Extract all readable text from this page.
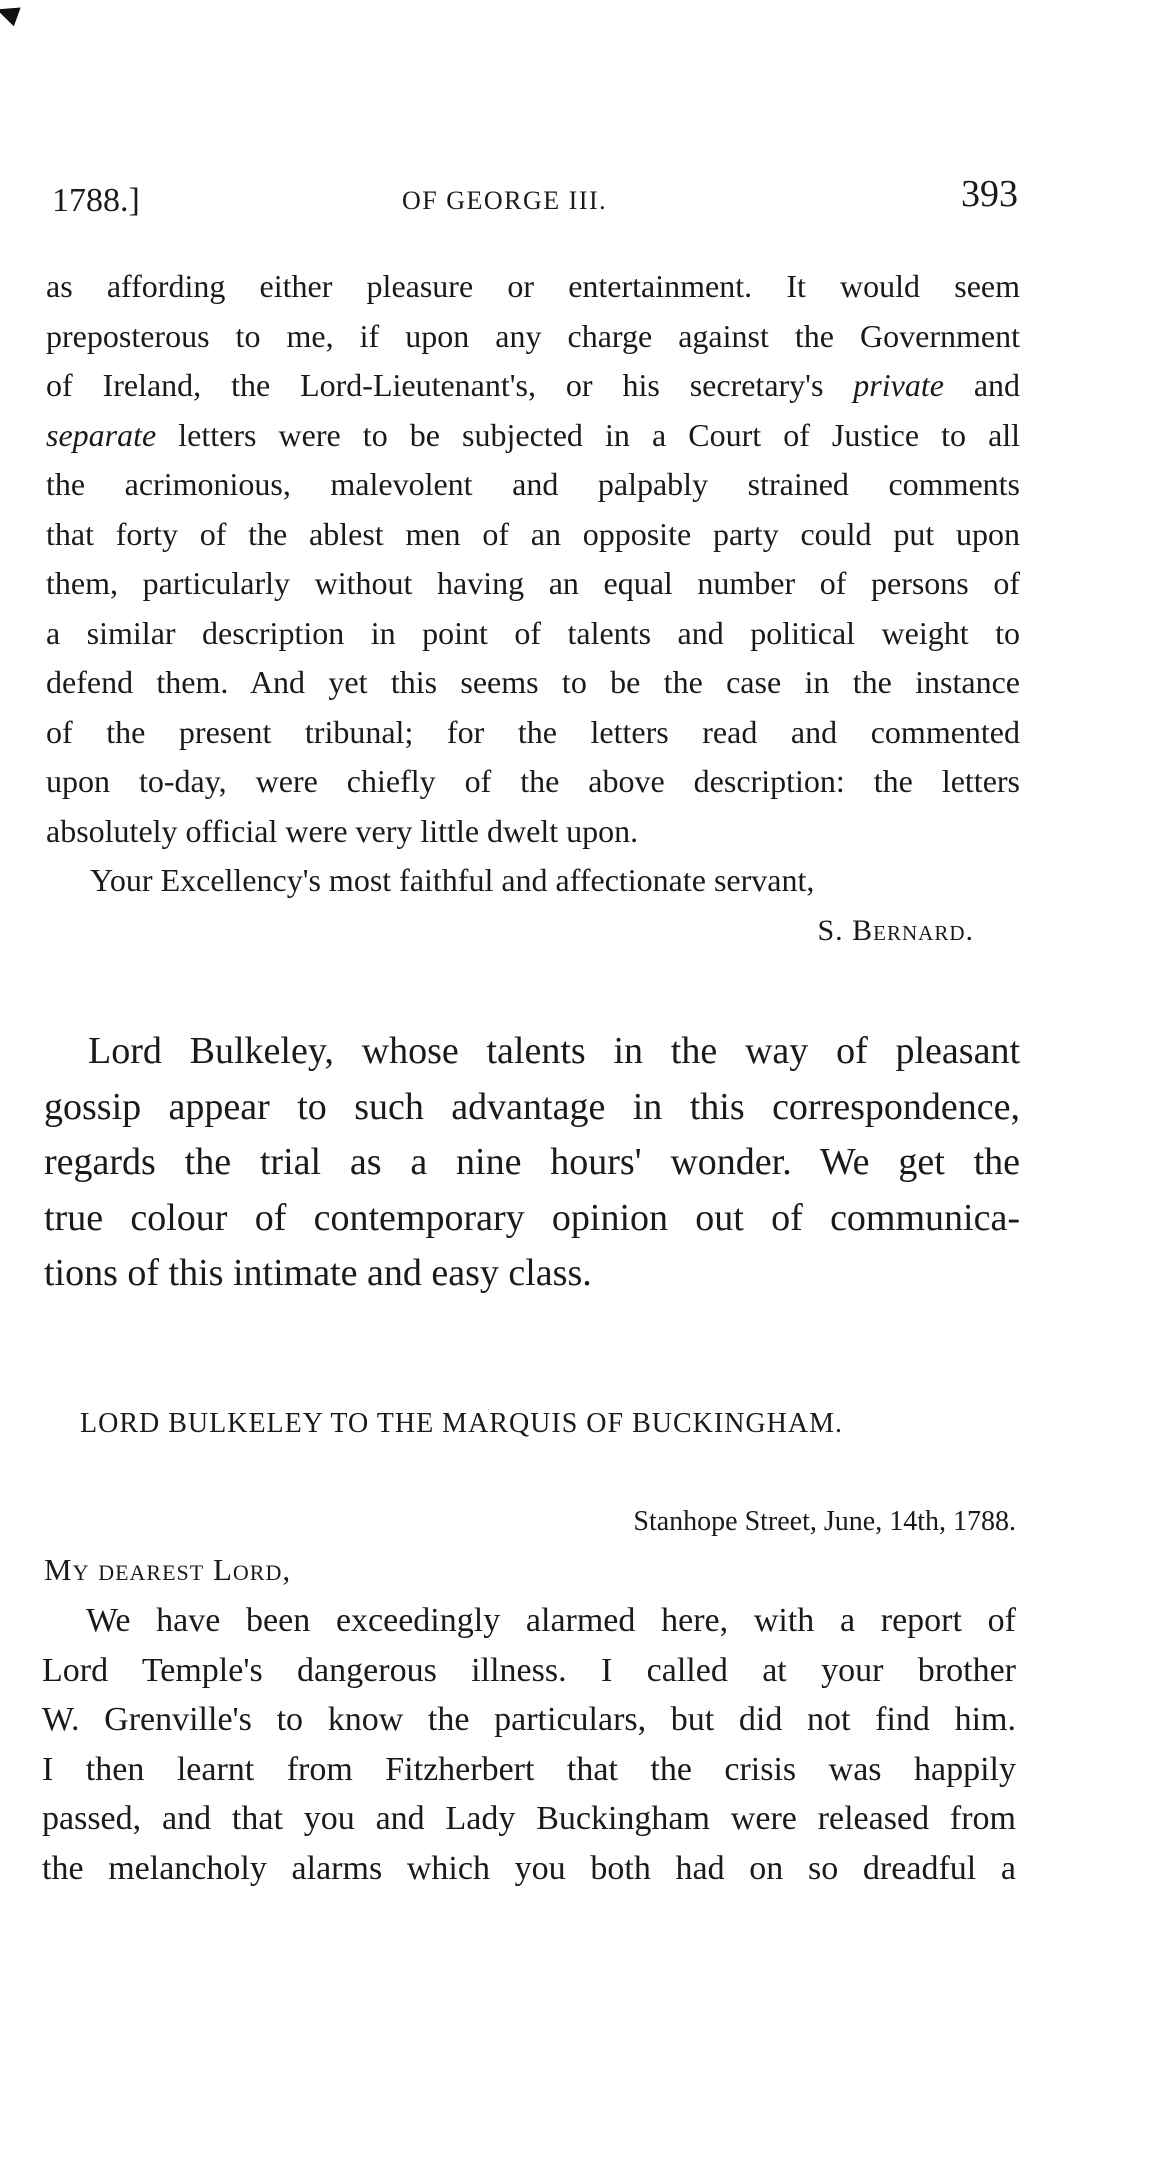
1788.]	OF GEORGE III.	393
as affording either pleasure or entertainment. It would seem
preposterous to me, if upon any charge against the Government
of Ireland, the Lord-Lieutenant's, or his secretary's private and
separate letters were to be subjected in a Court of Justice to all
the acrimonious, malevolent and palpably strained comments
that forty of the ablest men of an opposite party could put upon
them, particularly without having an equal number of persons of
a similar description in point of talents and political weight to
defend them. And yet this seems to be the case in the instance
of the present tribunal; for the letters read and commented
upon to-day, were chiefly of the above description: the letters
absolutely official were very little dwelt upon.
Your Excellency's most faithful and affectionate servant,
S. Bernard.
Lord Bulkeley, whose talents in the way of pleasant
gossip appear to such advantage in this correspondence,
regards the trial as a nine hours' wonder. We get the
true colour of contemporary opinion out of communica-
tions of this intimate and easy class.
LORD BULKELEY TO THE MARQUIS OF BUCKINGHAM.
Stanhope Street, June, 14th, 1788.
My dearest Lord,
We have been exceedingly alarmed here, with a report of
Lord Temple's dangerous illness. I called at your brother
W. Grenville's to know the particulars, but did not find him.
I then learnt from Fitzherbert that the crisis was happily
passed, and that you and Lady Buckingham were released from
the melancholy alarms which you both had on so dreadful a
